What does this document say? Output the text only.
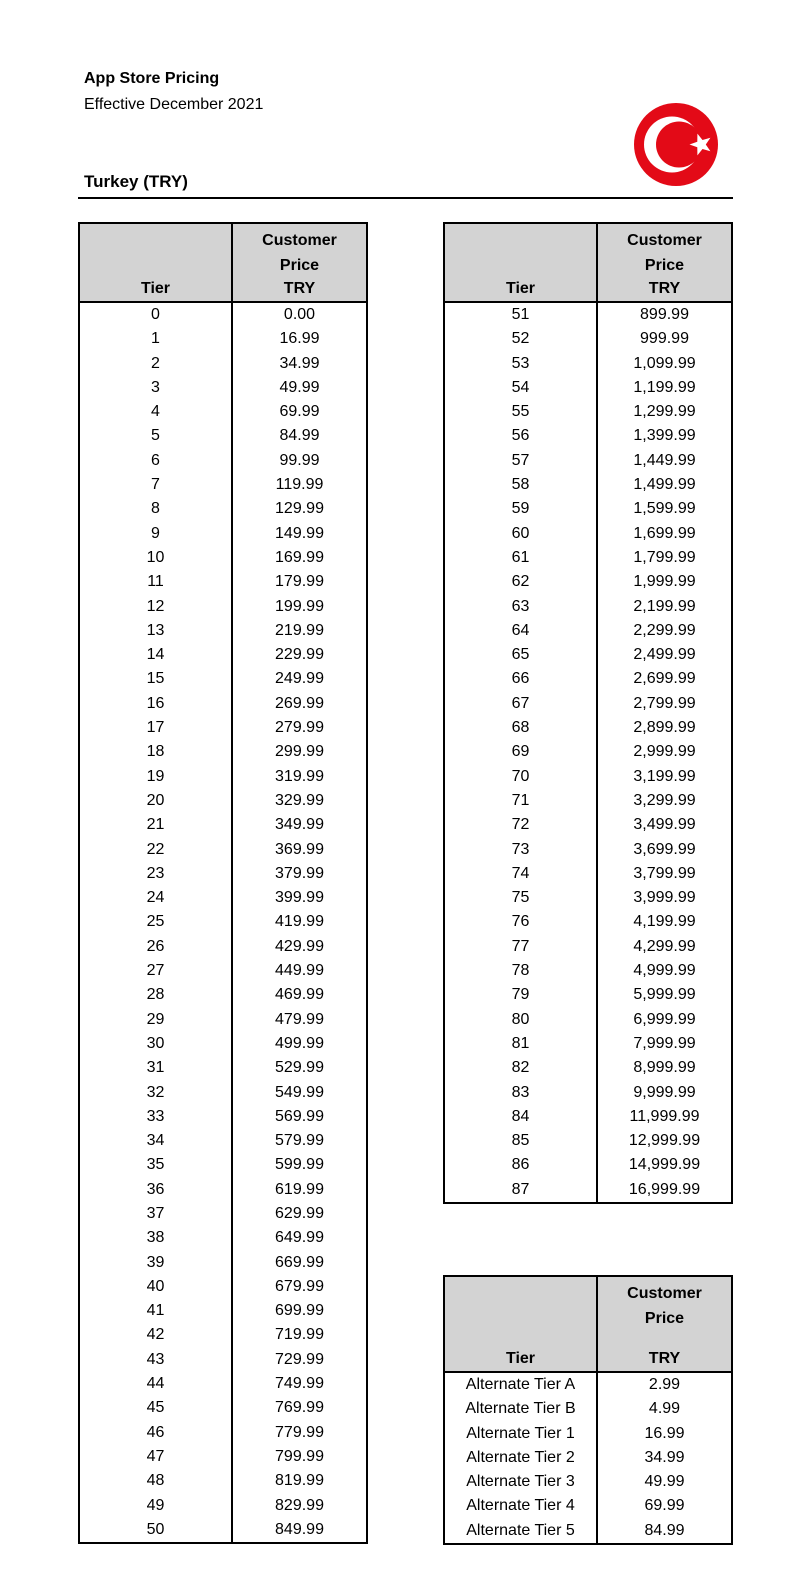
App Store Pricing
Effective December 2021
Turkey (TRY)
Tier
Customer
Price
TRY
0	0.00
1	16.99
2	34.99
3	49.99
4	69.99
5	84.99
6	99.99
7	119.99
8	129.99
9	149.99
10	169.99
11	179.99
12	199.99
13	219.99
14	229.99
15	249.99
16	269.99
17	279.99
18	299.99
19	319.99
20	329.99
21	349.99
22	369.99
23	379.99
24	399.99
25	419.99
26	429.99
27	449.99
28	469.99
29	479.99
30	499.99
31	529.99
32	549.99
33	569.99
34	579.99
35	599.99
36	619.99
37	629.99
38	649.99
39	669.99
40	679.99
41	699.99
42	719.99
43	729.99
44	749.99
45	769.99
46	779.99
47	799.99
48	819.99
49	829.99
50	849.99
Tier
Customer
Price
TRY
51	899.99
52	999.99
53	1,099.99
54	1,199.99
55	1,299.99
56	1,399.99
57	1,449.99
58	1,499.99
59	1,599.99
60	1,699.99
61	1,799.99
62	1,999.99
63	2,199.99
64	2,299.99
65	2,499.99
66	2,699.99
67	2,799.99
68	2,899.99
69	2,999.99
70	3,199.99
71	3,299.99
72	3,499.99
73	3,699.99
74	3,799.99
75	3,999.99
76	4,199.99
77	4,299.99
78	4,999.99
79	5,999.99
80	6,999.99
81	7,999.99
82	8,999.99
83	9,999.99
84	11,999.99
85	12,999.99
86	14,999.99
87	16,999.99
Tier
Customer
Price
TRY
Alternate Tier A	2.99
Alternate Tier B	4.99
Alternate Tier 1	16.99
Alternate Tier 2	34.99
Alternate Tier 3	49.99
Alternate Tier 4	69.99
Alternate Tier 5	84.99
